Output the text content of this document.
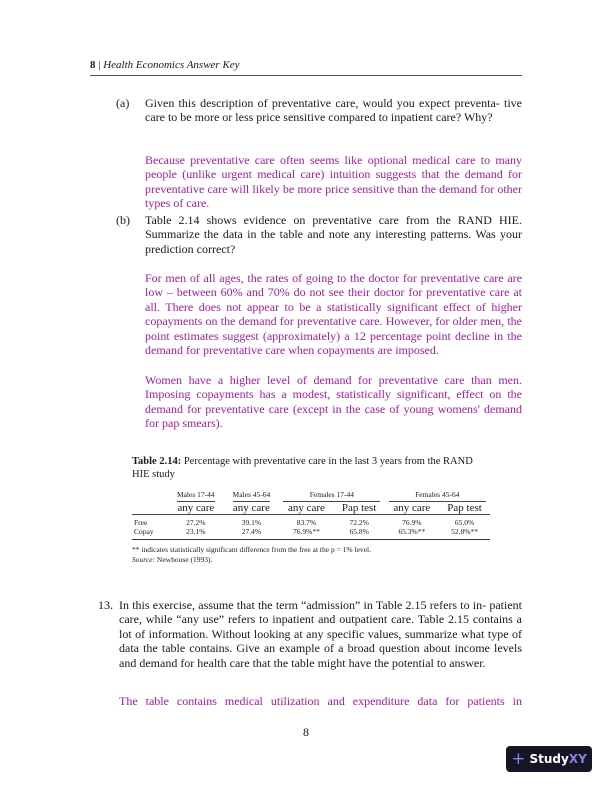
8 | Health Economics Answer Key
(a) Given this description of preventative care, would you expect preventa- tive care to be more or less price sensitive compared to inpatient care? Why?
Because preventative care often seems like optional medical care to many people (unlike urgent medical care) intuition suggests that the demand for preventative care will likely be more price sensitive than the demand for other types of care.
(b) Table 2.14 shows evidence on preventative care from the RAND HIE. Summarize the data in the table and note any interesting patterns. Was your prediction correct?
For men of all ages, the rates of going to the doctor for preventative care are low – between 60% and 70% do not see their doctor for preventative care at all. There does not appear to be a statistically significant effect of higher copayments on the demand for preventative care. However, for older men, the point estimates suggest (approximately) a 12 percentage point decline in the demand for preventative care when copayments are imposed.
Women have a higher level of demand for preventative care than men. Imposing copayments has a modest, statistically significant, effect on the demand for preventative care (except in the case of young womens' demand for pap smears).
Table 2.14: Percentage with preventative care in the last 3 years from the RAND HIE study
	Males 17-44	Males 45-64	Females 17-44		Females 45-64	
	any care	any care	any care	Pap test	any care	Pap test
Free	27.2%	39.1%	83.7%	72.2%	76.9%	65.0%
Copay	23.1%	27.4%	76.9%**	65.8%	65.3%**	52.8%**
** indicates statistically significant difference from the free at the p = 1% level.
Source: Newhouse (1993).
13. In this exercise, assume that the term “admission” in Table 2.15 refers to in- patient care, while “any use” refers to inpatient and outpatient care. Table 2.15 contains a lot of information. Without looking at any specific values, summarize what type of data the table contains. Give an example of a broad question about income levels and demand for health care that the table might have the potential to answer.
The table contains medical utilization and expenditure data for patients in
8
+ StudyXY
